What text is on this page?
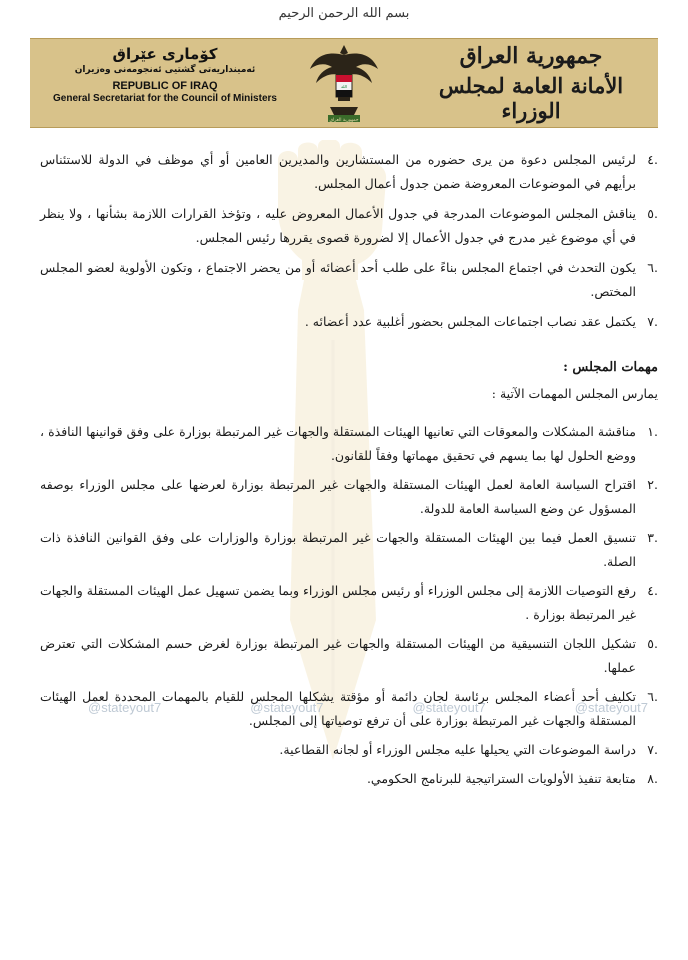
بسم الله الرحمن الرحيم
كۆماری عێراق
ئه‌مینداریه‌تی گشتیی ئه‌نجومه‌نی وه‌زیران
REPUBLIC OF IRAQ
General Secretariat for the Council of Ministers
الله
جمهورية العراق
جمهورية العراق
الأمانة العامة لمجلس الوزراء
@stateyout7	@stateyout7	@stateyout7	@stateyout7
.٤
لرئيس المجلس دعوة من يرى حضوره من المستشارين والمديرين العامين أو أي موظف في الدولة للاستئناس برأيهم في الموضوعات المعروضة ضمن جدول أعمال المجلس.
.٥
يناقش المجلس الموضوعات المدرجة في جدول الأعمال المعروض عليه ، وتؤخذ القرارات اللازمة بشأنها ، ولا ينظر في أي موضوع غير مدرج في جدول الأعمال إلا لضرورة قصوى يقررها رئيس المجلس.
.٦
يكون التحدث في اجتماع المجلس بناءً على طلب أحد أعضائه أو من يحضر الاجتماع ، وتكون الأولوية لعضو المجلس المختص.
.٧
يكتمل عقد نصاب اجتماعات المجلس بحضور أغلبية عدد أعضائه .
مهمات المجلس :
يمارس المجلس المهمات الآتية :
.١
مناقشة المشكلات والمعوقات التي تعانيها الهيئات المستقلة والجهات غير المرتبطة بوزارة على وفق قوانينها النافذة ، ووضع الحلول لها بما يسهم في تحقيق مهماتها وفقاً للقانون.
.٢
اقتراح السياسة العامة لعمل الهيئات المستقلة والجهات غير المرتبطة بوزارة لعرضها على مجلس الوزراء بوصفه المسؤول عن وضع السياسة العامة للدولة.
.٣
تنسيق العمل فيما بين الهيئات المستقلة والجهات غير المرتبطة بوزارة والوزارات على وفق القوانين النافذة ذات الصلة.
.٤
رفع التوصيات اللازمة إلى مجلس الوزراء أو رئيس مجلس الوزراء وبما يضمن تسهيل عمل الهيئات المستقلة والجهات غير المرتبطة بوزارة .
.٥
تشكيل اللجان التنسيقية من الهيئات المستقلة والجهات غير المرتبطة بوزارة لغرض حسم المشكلات التي تعترض عملها.
.٦
تكليف أحد أعضاء المجلس برئاسة لجان دائمة أو مؤقتة يشكلها المجلس للقيام بالمهمات المحددة لعمل الهيئات المستقلة والجهات غير المرتبطة بوزارة على أن ترفع توصياتها إلى المجلس.
.٧
دراسة الموضوعات التي يحيلها عليه مجلس الوزراء أو لجانه القطاعية.
.٨
متابعة تنفيذ الأولويات الستراتيجية للبرنامج الحكومي.
